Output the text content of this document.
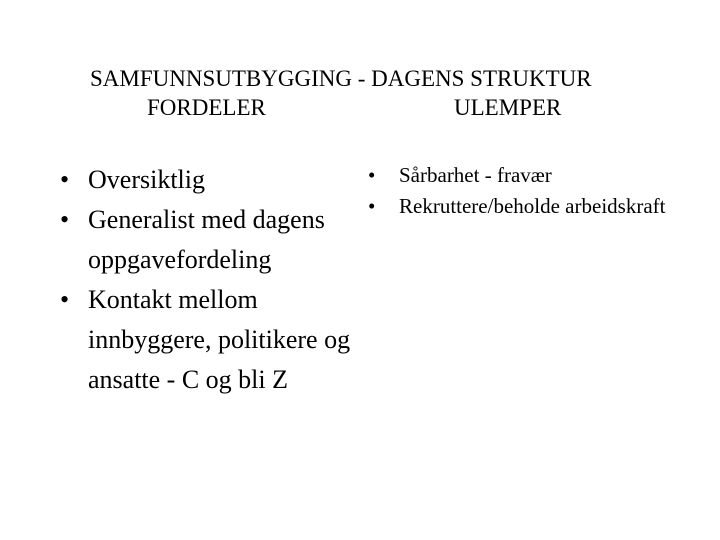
SAMFUNNSUTBYGGING - DAGENS STRUKTUR
FORDELER	ULEMPER
• Oversiktlig
• Generalist med dagens oppgavefordeling
• Kontakt mellom innbyggere, politikere og ansatte - C og bli Z
• Sårbarhet - fravær
• Rekruttere/beholde arbeidskraft
